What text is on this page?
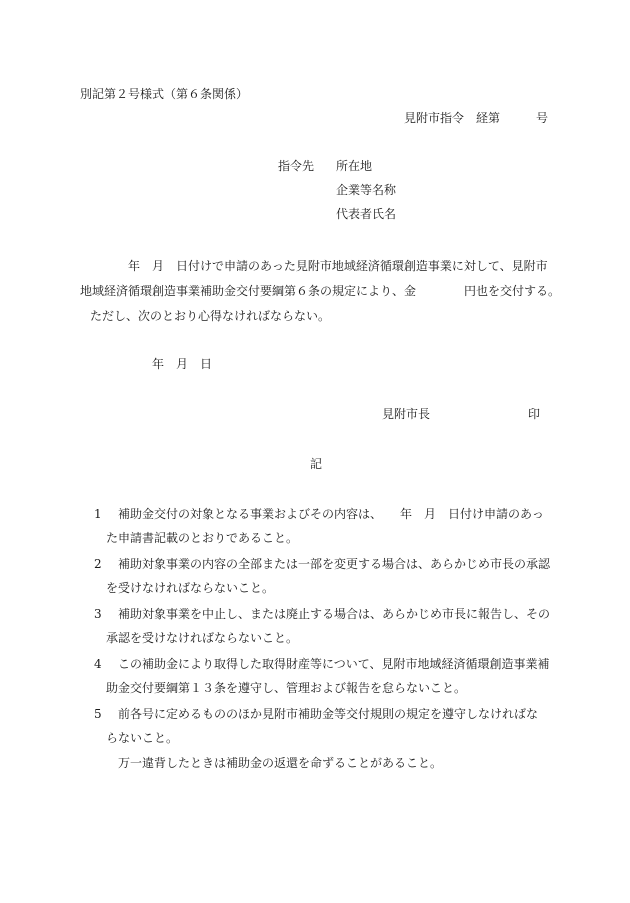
別記第２号様式（第６条関係）
見附市指令　経第　　　号
指令先 所在地
企業等名称
代表者氏名
年　月　日付けで申請のあった見附市地域経済循環創造事業に対して、見附市
地域経済循環創造事業補助金交付要綱第６条の規定により、金　　　　円也を交付する。
ただし、次のとおり心得なければならない。
年　月　日
見附市長	印
記
1	補助金交付の対象となる事業およびその内容は、　　年　月　日付け申請のあっ
た申請書記載のとおりであること。
2	補助対象事業の内容の全部または一部を変更する場合は、あらかじめ市長の承認
を受けなければならないこと。
3	補助対象事業を中止し、または廃止する場合は、あらかじめ市長に報告し、その
承認を受けなければならないこと。
4	この補助金により取得した取得財産等について、見附市地域経済循環創造事業補
助金交付要綱第１３条を遵守し、管理および報告を怠らないこと。
5	前各号に定めるもののほか見附市補助金等交付規則の規定を遵守しなければな
らないこと。
万一違背したときは補助金の返還を命ずることがあること。
